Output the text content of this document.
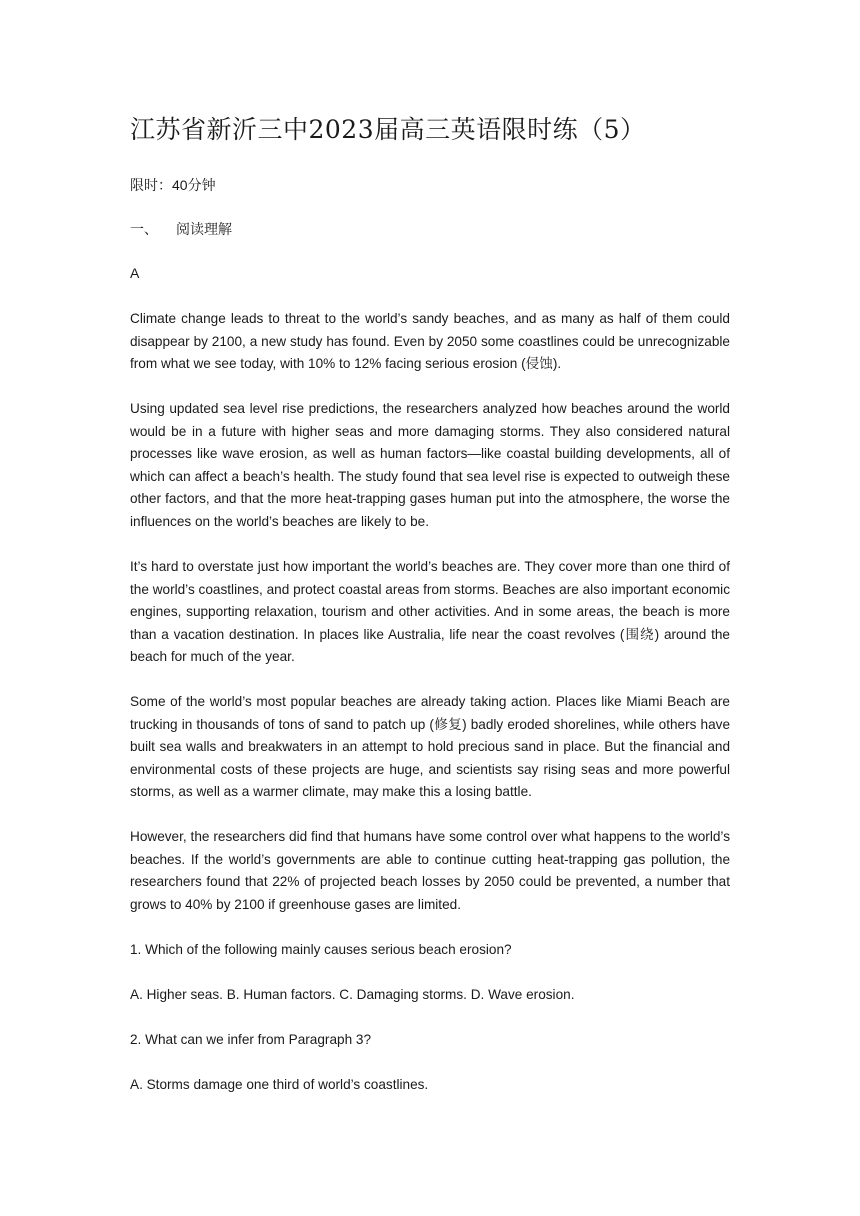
江苏省新沂三中2023届高三英语限时练（5）

限时：40分钟

一、 阅读理解

A

Climate change leads to threat to the world’s sandy beaches, and as many as half of them could disappear by 2100, a new study has found. Even by 2050 some coastlines could be unrecognizable from what we see today, with 10% to 12% facing serious erosion (侵蚀).

Using updated sea level rise predictions, the researchers analyzed how beaches around the world would be in a future with higher seas and more damaging storms. They also considered natural processes like wave erosion, as well as human factors—like coastal building developments, all of which can affect a beach’s health. The study found that sea level rise is expected to outweigh these other factors, and that the more heat-trapping gases human put into the atmosphere, the worse the influences on the world’s beaches are likely to be.

It’s hard to overstate just how important the world’s beaches are. They cover more than one third of the world’s coastlines, and protect coastal areas from storms. Beaches are also important economic engines, supporting relaxation, tourism and other activities. And in some areas, the beach is more than a vacation destination. In places like Australia, life near the coast revolves (围绕) around the beach for much of the year.

Some of the world’s most popular beaches are already taking action. Places like Miami Beach are trucking in thousands of tons of sand to patch up (修复) badly eroded shorelines, while others have built sea walls and breakwaters in an attempt to hold precious sand in place. But the financial and environmental costs of these projects are huge, and scientists say rising seas and more powerful storms, as well as a warmer climate, may make this a losing battle.

However, the researchers did find that humans have some control over what happens to the world’s beaches. If the world’s governments are able to continue cutting heat-trapping gas pollution, the researchers found that 22% of projected beach losses by 2050 could be prevented, a number that grows to 40% by 2100 if greenhouse gases are limited.

1. Which of the following mainly causes serious beach erosion?

A. Higher seas. B. Human factors. C. Damaging storms. D. Wave erosion.

2. What can we infer from Paragraph 3?

A. Storms damage one third of world’s coastlines.
